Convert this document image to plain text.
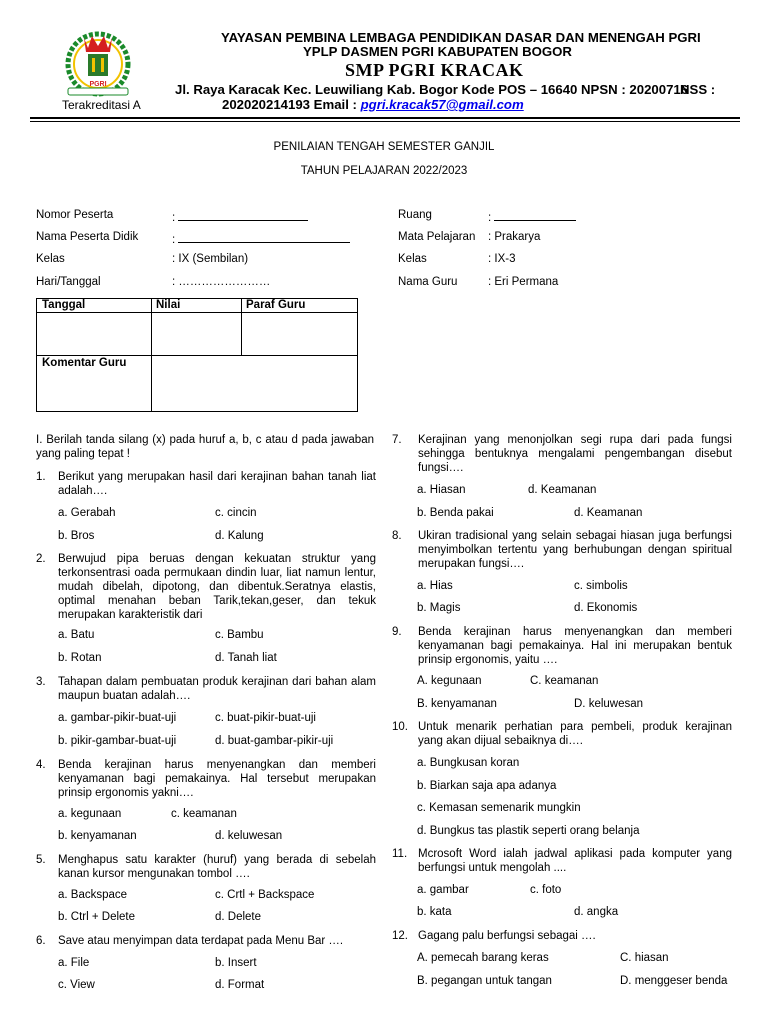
PGRI
Terakreditasi A
YAYASAN PEMBINA LEMBAGA PENDIDIKAN DASAR DAN MENENGAH PGRI
YPLP DASMEN PGRI KABUPATEN BOGOR
SMP PGRI KRACAK
Jl. Raya Karacak Kec. Leuwiliang Kab. Bogor Kode POS – 16640 NPSN : 20200716
NSS :
202020214193 Email : pgri.kracak57@gmail.com
PENILAIAN TENGAH SEMESTER GANJIL
TAHUN PELAJARAN 2022/2023
Nomor Peserta	:
Nama Peserta Didik	:
Kelas	: IX (Sembilan)
Hari/Tanggal	: ……………………
Ruang	:
Mata Pelajaran : Prakarya
Kelas	: IX-3
Nama Guru	: Eri Permana
Tanggal	Nilai	Paraf Guru
Komentar Guru
I. Berilah tanda silang (x) pada huruf a, b, c atau d pada jawaban yang paling tepat !
1.	Berikut yang merupakan hasil dari kerajinan bahan tanah liat adalah….
a. Gerabah	c. cincin
b. Bros	d. Kalung
2.	Berwujud pipa beruas dengan kekuatan struktur yang terkonsentrasi oada permukaan dindin luar, liat namun lentur, mudah dibelah, dipotong, dan dibentuk.Seratnya elastis, optimal menahan beban Tarik,tekan,geser, dan tekuk merupakan karakteristik dari
a. Batu	c. Bambu
b. Rotan	d. Tanah liat
3.	Tahapan dalam pembuatan produk kerajinan dari bahan alam maupun buatan adalah….
a. gambar-pikir-buat-uji	c. buat-pikir-buat-uji
b. pikir-gambar-buat-uji	d. buat-gambar-pikir-uji
4.	Benda kerajinan harus menyenangkan dan memberi kenyamanan bagi pemakainya. Hal tersebut merupakan prinsip ergonomis yakni….
a. kegunaan	c. keamanan
b. kenyamanan	d. keluwesan
5.	Menghapus satu karakter (huruf) yang berada di sebelah kanan kursor mengunakan tombol ….
a. Backspace	c. Crtl + Backspace
b. Ctrl + Delete	d. Delete
6.	Save atau menyimpan data terdapat pada Menu Bar ….
a. File	b. Insert
c. View	d. Format
7.	Kerajinan yang menonjolkan segi rupa dari pada fungsi sehingga bentuknya mengalami pengembangan disebut fungsi….
a. Hiasan	d. Keamanan
b. Benda pakai	d. Keamanan
8.	Ukiran tradisional yang selain sebagai hiasan juga berfungsi menyimbolkan tertentu yang berhubungan dengan spiritual merupakan fungsi….
a. Hias	c. simbolis
b. Magis	d. Ekonomis
9.	Benda kerajinan harus menyenangkan dan memberi kenyamanan bagi pemakainya. Hal ini merupakan bentuk prinsip ergonomis, yaitu ….
A. kegunaan	C. keamanan
B. kenyamanan	D. keluwesan
10. Untuk menarik perhatian para pembeli, produk kerajinan yang akan dijual sebaiknya di….
a. Bungkusan koran
b. Biarkan saja apa adanya
c. Kemasan semenarik mungkin
d. Bungkus tas plastik seperti orang belanja
11. Mcrosoft Word ialah jadwal aplikasi pada komputer yang berfungsi untuk mengolah ....
a. gambar	c. foto
b. kata	d. angka
12. Gagang palu berfungsi sebagai ….
A. pemecah barang keras	C. hiasan
B. pegangan untuk tangan	D. menggeser benda
